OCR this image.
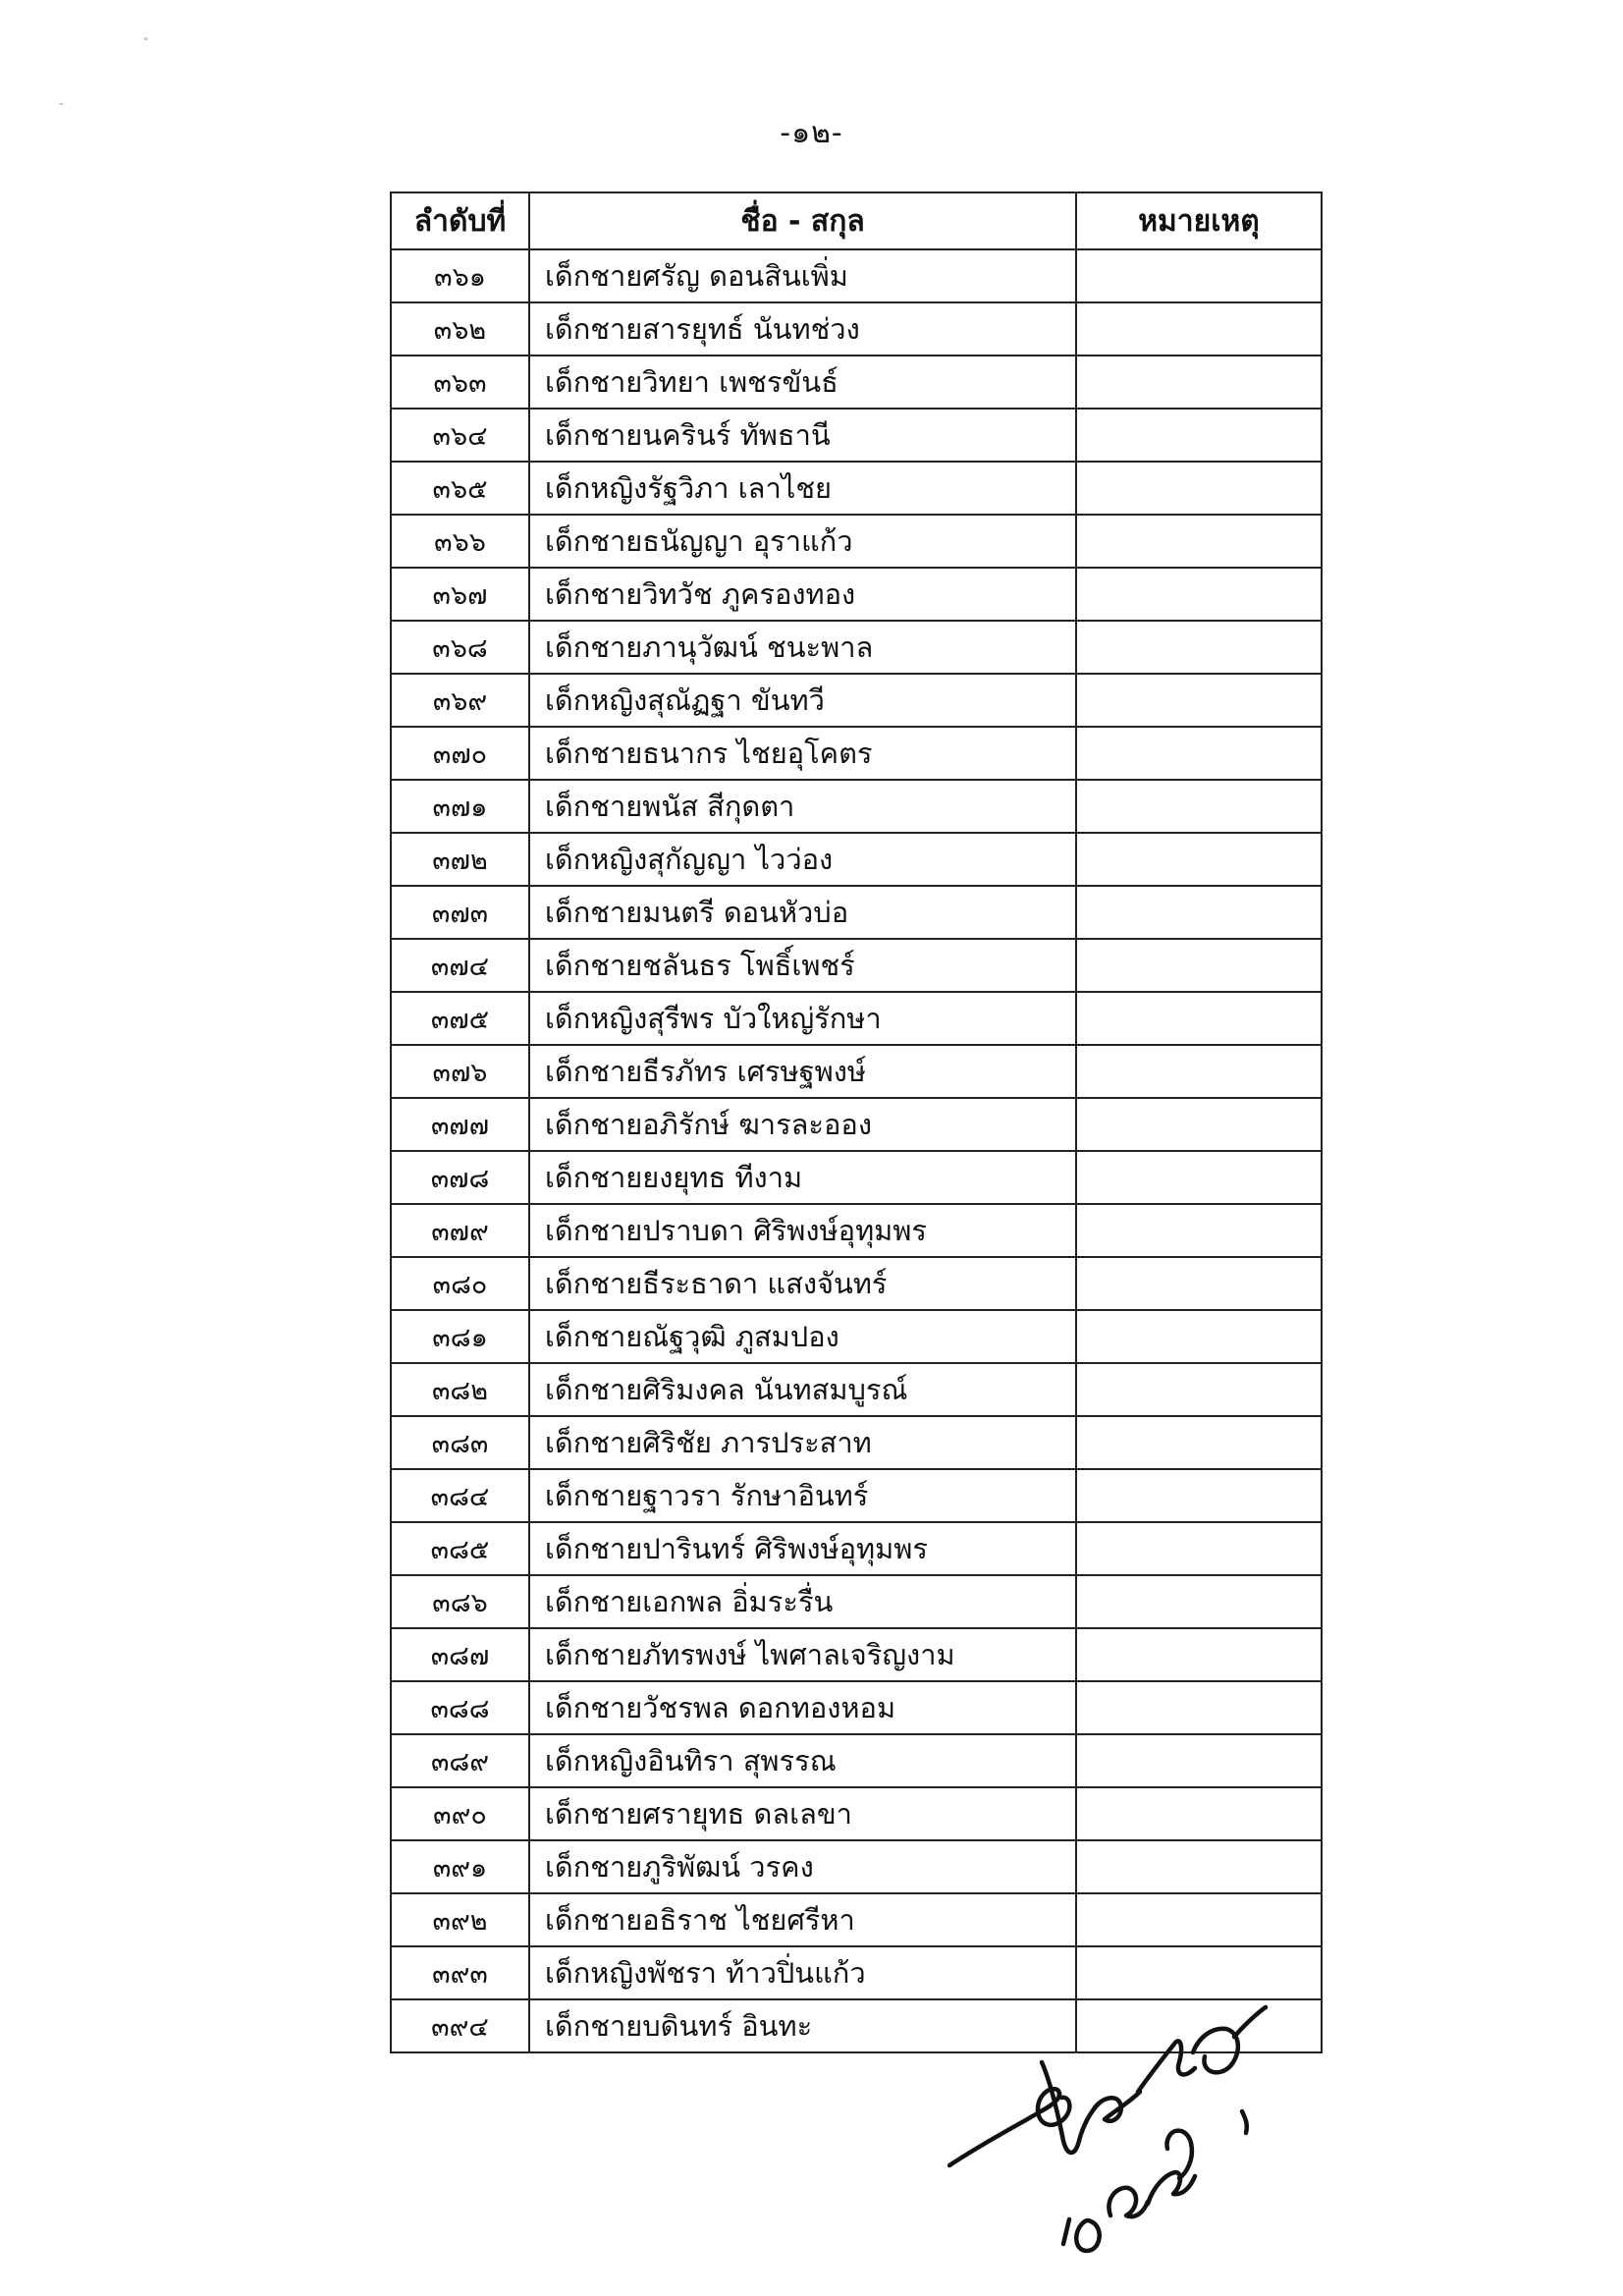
ˇ
-
-๑๒-
ลำดับที่	ชื่อ - สกุล	หมายเหตุ
๓๖๑	เด็กชายศรัญ ดอนสินเพิ่ม	
๓๖๒	เด็กชายสารยุทธ์ นันทช่วง	
๓๖๓	เด็กชายวิทยา เพชรขันธ์	
๓๖๔	เด็กชายนครินร์ ทัพธานี	
๓๖๕	เด็กหญิงรัฐวิภา เลาไชย	
๓๖๖	เด็กชายธนัญญา อุราแก้ว	
๓๖๗	เด็กชายวิทวัช ภูครองทอง	
๓๖๘	เด็กชายภานุวัฒน์ ชนะพาล	
๓๖๙	เด็กหญิงสุณัฏฐา ขันทวี	
๓๗๐	เด็กชายธนากร ไชยอุโคตร	
๓๗๑	เด็กชายพนัส สีกุดตา	
๓๗๒	เด็กหญิงสุกัญญา ไวว่อง	
๓๗๓	เด็กชายมนตรี ดอนหัวบ่อ	
๓๗๔	เด็กชายชลันธร โพธิ์เพชร์	
๓๗๕	เด็กหญิงสุรีพร บัวใหญ่รักษา	
๓๗๖	เด็กชายธีรภัทร เศรษฐพงษ์	
๓๗๗	เด็กชายอภิรักษ์ ฆารละออง	
๓๗๘	เด็กชายยงยุทธ ทีงาม	
๓๗๙	เด็กชายปราบดา ศิริพงษ์อุทุมพร	
๓๘๐	เด็กชายธีระธาดา แสงจันทร์	
๓๘๑	เด็กชายณัฐวุฒิ ภูสมปอง	
๓๘๒	เด็กชายศิริมงคล นันทสมบูรณ์	
๓๘๓	เด็กชายศิริชัย ภารประสาท	
๓๘๔	เด็กชายฐาวรา รักษาอินทร์	
๓๘๕	เด็กชายปารินทร์ ศิริพงษ์อุทุมพร	
๓๘๖	เด็กชายเอกพล อิ่มระรื่น	
๓๘๗	เด็กชายภัทรพงษ์ ไพศาลเจริญงาม	
๓๘๘	เด็กชายวัชรพล ดอกทองหอม	
๓๘๙	เด็กหญิงอินทิรา สุพรรณ	
๓๙๐	เด็กชายศรายุทธ ดลเลขา	
๓๙๑	เด็กชายภูริพัฒน์ วรคง	
๓๙๒	เด็กชายอธิราช ไชยศรีหา	
๓๙๓	เด็กหญิงพัชรา ท้าวปิ่นแก้ว	
๓๙๔	เด็กชายบดินทร์ อินทะ	
